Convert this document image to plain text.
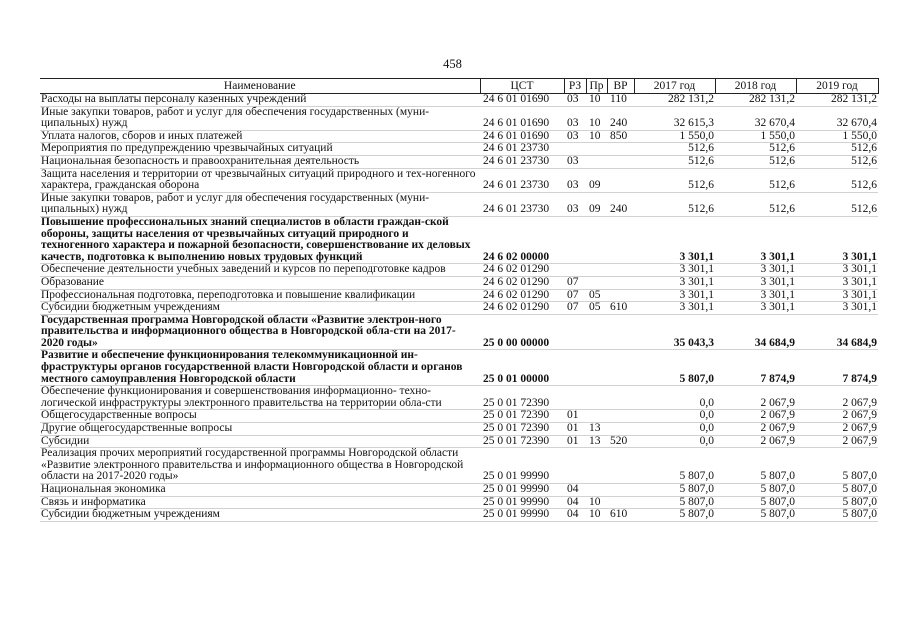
458
Наименование	ЦСТ	РЗ	Пр	ВР	2017 год	2018 год	2019 год
Расходы на выплаты персоналу казенных учреждений	24 6 01 01690	03	10	110	282 131,2	282 131,2	282 131,2
Иные закупки товаров, работ и услуг для обеспечения государственных (муни-ципальных) нужд	24 6 01 01690	03	10	240	32 615,3	32 670,4	32 670,4
Уплата налогов, сборов и иных платежей	24 6 01 01690	03	10	850	1 550,0	1 550,0	1 550,0
Мероприятия по предупреждению чрезвычайных ситуаций	24 6 01 23730				512,6	512,6	512,6
Национальная безопасность и правоохранительная деятельность	24 6 01 23730	03			512,6	512,6	512,6
Защита населения и территории от чрезвычайных ситуаций природного и тех-ногенного характера, гражданская оборона	24 6 01 23730	03	09		512,6	512,6	512,6
Иные закупки товаров, работ и услуг для обеспечения государственных (муни-ципальных) нужд	24 6 01 23730	03	09	240	512,6	512,6	512,6
Повышение профессиональных знаний специалистов в области граждан-ской обороны, защиты населения от чрезвычайных ситуаций природного и техногенного характера и пожарной безопасности, совершенствование их деловых качеств, подготовка к выполнению новых трудовых функций	24 6 02 00000				3 301,1	3 301,1	3 301,1
Обеспечение деятельности учебных заведений и курсов по переподготовке кадров	24 6 02 01290				3 301,1	3 301,1	3 301,1
Образование	24 6 02 01290	07			3 301,1	3 301,1	3 301,1
Профессиональная подготовка, переподготовка и повышение квалификации	24 6 02 01290	07	05		3 301,1	3 301,1	3 301,1
Субсидии бюджетным учреждениям	24 6 02 01290	07	05	610	3 301,1	3 301,1	3 301,1
Государственная программа Новгородской области «Развитие электрон-ного правительства и информационного общества в Новгородской обла-сти на 2017-2020 годы»	25 0 00 00000				35 043,3	34 684,9	34 684,9
Развитие и обеспечение функционирования телекоммуникационной ин-фраструктуры органов государственной власти Новгородской области и органов местного самоуправления Новгородской области	25 0 01 00000				5 807,0	7 874,9	7 874,9
Обеспечение функционирования и совершенствования информационно- техно-логической инфраструктуры электронного правительства на территории обла-сти	25 0 01 72390				0,0	2 067,9	2 067,9
Общегосударственные вопросы	25 0 01 72390	01			0,0	2 067,9	2 067,9
Другие общегосударственные вопросы	25 0 01 72390	01	13		0,0	2 067,9	2 067,9
Субсидии	25 0 01 72390	01	13	520	0,0	2 067,9	2 067,9
Реализация прочих мероприятий государственной программы Новгородской области «Развитие электронного правительства и информационного общества в Новгородской области на 2017-2020 годы»	25 0 01 99990				5 807,0	5 807,0	5 807,0
Национальная экономика	25 0 01 99990	04			5 807,0	5 807,0	5 807,0
Связь и информатика	25 0 01 99990	04	10		5 807,0	5 807,0	5 807,0
Субсидии бюджетным учреждениям	25 0 01 99990	04	10	610	5 807,0	5 807,0	5 807,0
